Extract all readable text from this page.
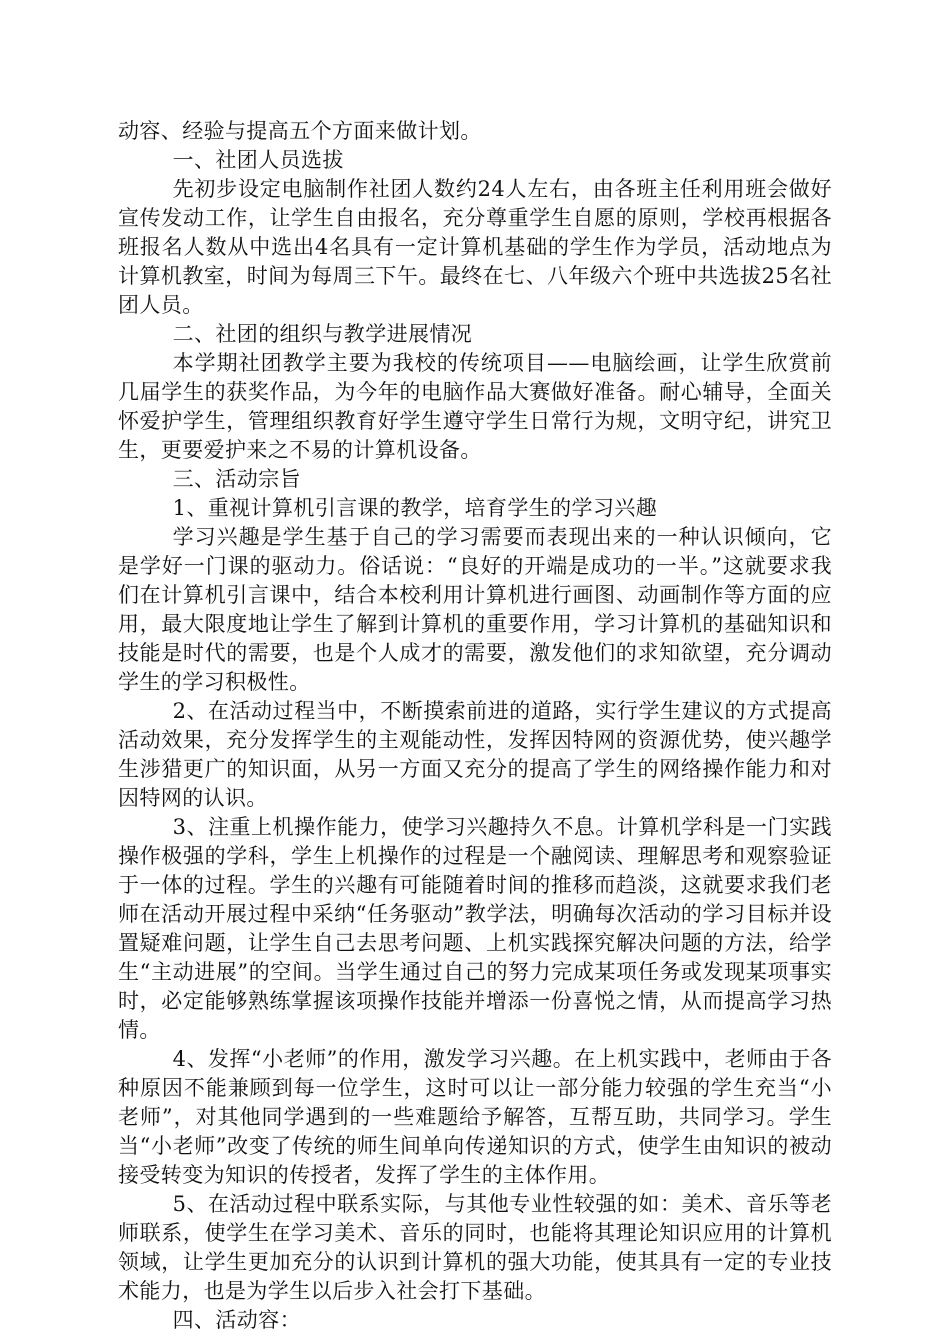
动容、经验与提高五个方面来做计划。

一、社团人员选拔

先初步设定电脑制作社团人数约24人左右，由各班主任利用班会做好宣传发动工作，让学生自由报名，充分尊重学生自愿的原则，学校再根据各班报名人数从中选出4名具有一定计算机基础的学生作为学员，活动地点为计算机教室，时间为每周三下午。最终在七、八年级六个班中共选拔25名社团人员。

二、社团的组织与教学进展情况

本学期社团教学主要为我校的传统项目——电脑绘画，让学生欣赏前几届学生的获奖作品，为今年的电脑作品大赛做好准备。耐心辅导，全面关怀爱护学生，管理组织教育好学生遵守学生日常行为规，文明守纪，讲究卫生，更要爱护来之不易的计算机设备。

三、活动宗旨

1、重视计算机引言课的教学，培育学生的学习兴趣

学习兴趣是学生基于自己的学习需要而表现出来的一种认识倾向，它是学好一门课的驱动力。俗话说：“良好的开端是成功的一半。”这就要求我们在计算机引言课中，结合本校利用计算机进行画图、动画制作等方面的应用，最大限度地让学生了解到计算机的重要作用，学习计算机的基础知识和技能是时代的需要，也是个人成才的需要，激发他们的求知欲望，充分调动学生的学习积极性。

2、在活动过程当中，不断摸索前进的道路，实行学生建议的方式提高活动效果，充分发挥学生的主观能动性，发挥因特网的资源优势，使兴趣学生涉猎更广的知识面，从另一方面又充分的提高了学生的网络操作能力和对因特网的认识。

3、注重上机操作能力，使学习兴趣持久不息。计算机学科是一门实践操作极强的学科，学生上机操作的过程是一个融阅读、理解思考和观察验证于一体的过程。学生的兴趣有可能随着时间的推移而趋淡，这就要求我们老师在活动开展过程中采纳“任务驱动”教学法，明确每次活动的学习目标并设置疑难问题，让学生自己去思考问题、上机实践探究解决问题的方法，给学生“主动进展”的空间。当学生通过自己的努力完成某项任务或发现某项事实时，必定能够熟练掌握该项操作技能并增添一份喜悦之情，从而提高学习热情。

4、发挥“小老师”的作用，激发学习兴趣。在上机实践中，老师由于各种原因不能兼顾到每一位学生，这时可以让一部分能力较强的学生充当“小老师”，对其他同学遇到的一些难题给予解答，互帮互助，共同学习。学生当“小老师”改变了传统的师生间单向传递知识的方式，使学生由知识的被动接受转变为知识的传授者，发挥了学生的主体作用。

5、在活动过程中联系实际，与其他专业性较强的如：美术、音乐等老师联系，使学生在学习美术、音乐的同时，也能将其理论知识应用的计算机领域，让学生更加充分的认识到计算机的强大功能，使其具有一定的专业技术能力，也是为学生以后步入社会打下基础。

四、活动容：
